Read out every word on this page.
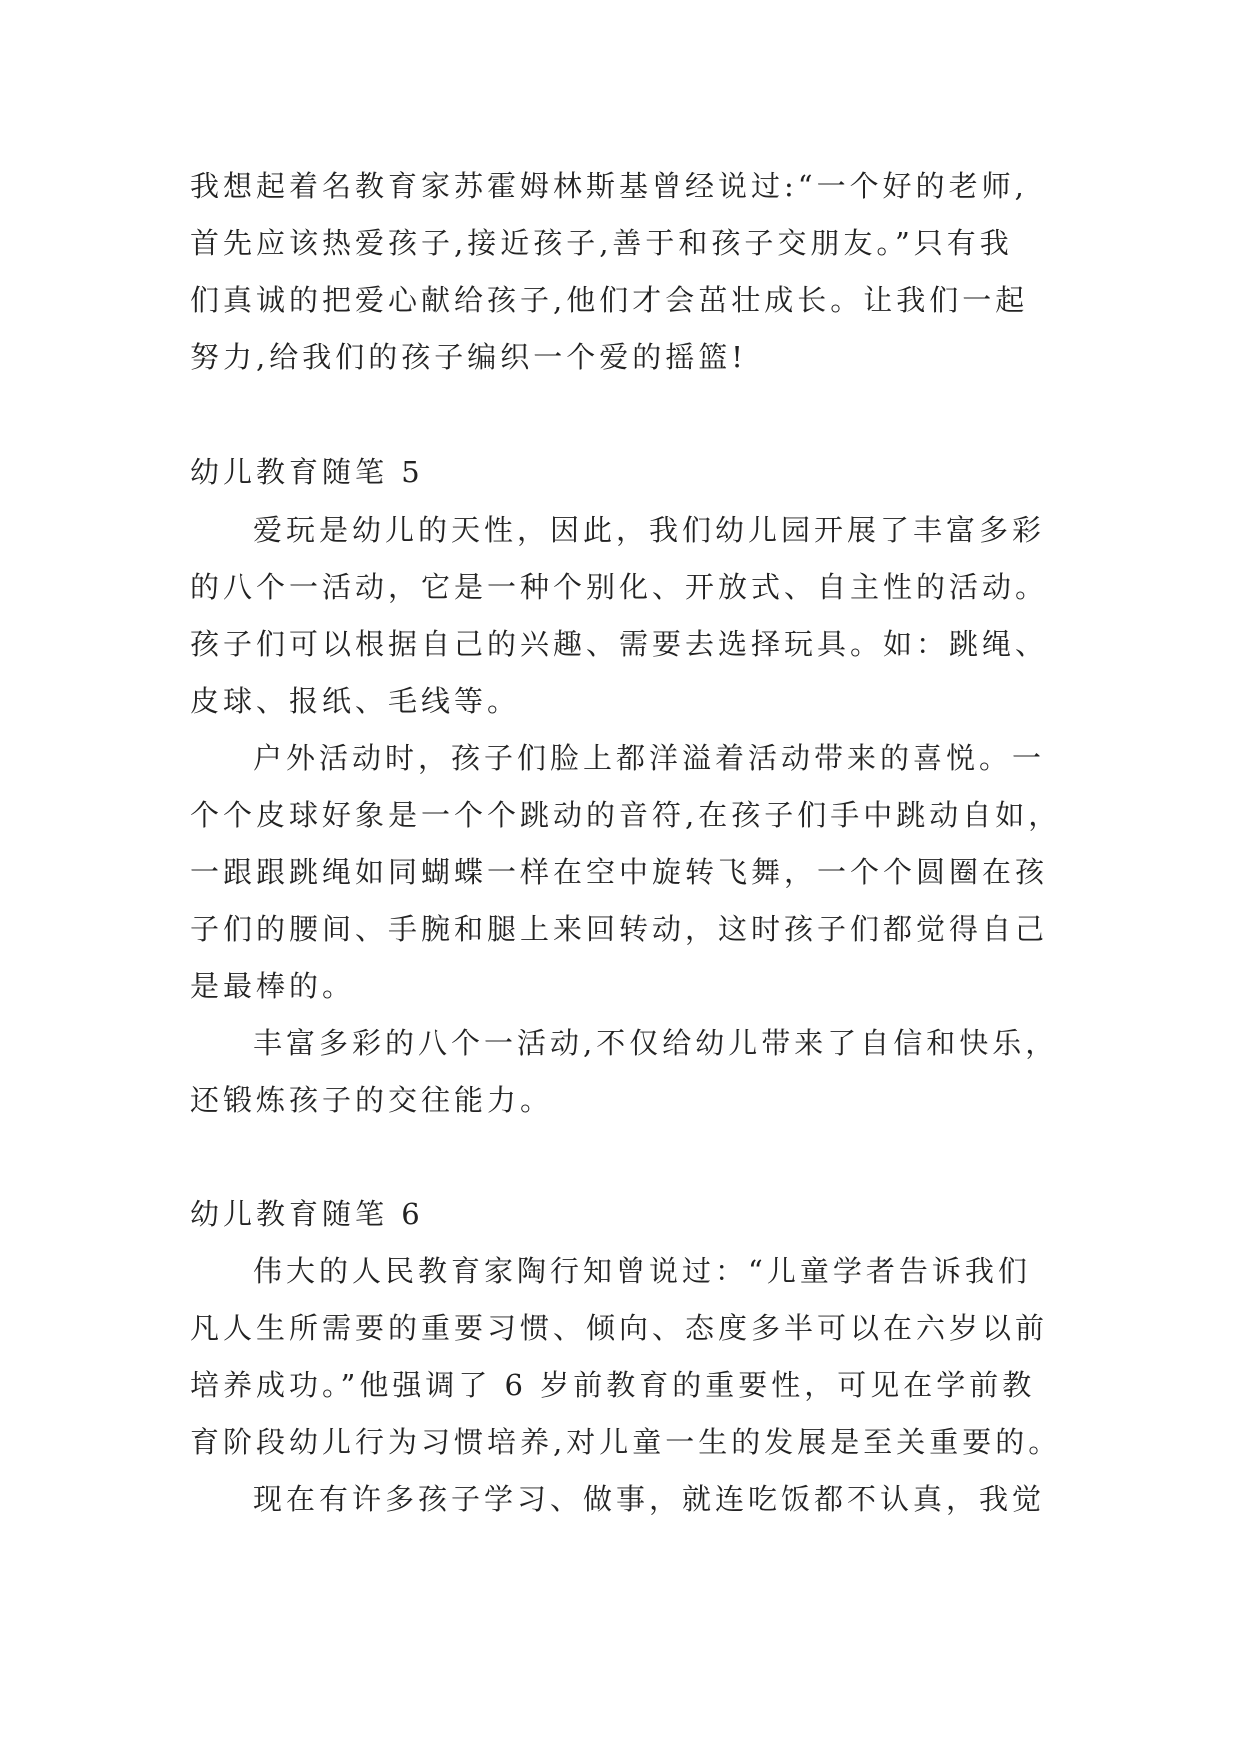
我想起着名教育家苏霍姆林斯基曾经说过:“一个好的老师,
首先应该热爱孩子,接近孩子,善于和孩子交朋友。”只有我
们真诚的把爱心献给孩子,他们才会茁壮成长。让我们一起
努力,给我们的孩子编织一个爱的摇篮!
幼儿教育随笔 5
爱玩是幼儿的天性，因此，我们幼儿园开展了丰富多彩
的八个一活动，它是一种个别化、开放式、自主性的活动。
孩子们可以根据自己的兴趣、需要去选择玩具。如：跳绳、
皮球、报纸、毛线等。
户外活动时，孩子们脸上都洋溢着活动带来的喜悦。一
个个皮球好象是一个个跳动的音符,在孩子们手中跳动自如，
一跟跟跳绳如同蝴蝶一样在空中旋转飞舞，一个个圆圈在孩
子们的腰间、手腕和腿上来回转动，这时孩子们都觉得自己
是最棒的。
丰富多彩的八个一活动,不仅给幼儿带来了自信和快乐，
还锻炼孩子的交往能力。
幼儿教育随笔 6
伟大的人民教育家陶行知曾说过：“儿童学者告诉我们
凡人生所需要的重要习惯、倾向、态度多半可以在六岁以前
培养成功。”他强调了 6 岁前教育的重要性，可见在学前教
育阶段幼儿行为习惯培养,对儿童一生的发展是至关重要的。
现在有许多孩子学习、做事，就连吃饭都不认真，我觉
